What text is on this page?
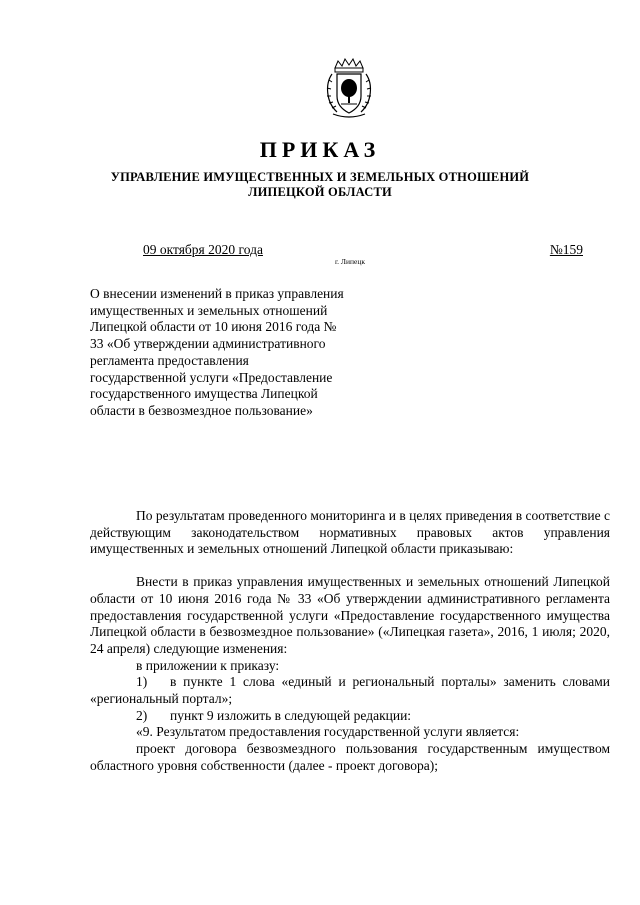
ПРИКАЗ
УПРАВЛЕНИЕ ИМУЩЕСТВЕННЫХ И ЗЕМЕЛЬНЫХ ОТНОШЕНИЙ
ЛИПЕЦКОЙ ОБЛАСТИ
09 октября 2020 года	№159
г. Липецк
О внесении изменений в приказ управления имущественных и земельных отношений Липецкой области от 10 июня 2016 года № 33 «Об утверждении административного регламента предоставления государственной услуги «Предоставление государственного имущества Липецкой области в безвозмездное пользование»

По результатам проведенного мониторинга и в целях приведения в соответствие с действующим законодательством нормативных правовых актов управления имущественных и земельных отношений Липецкой области приказываю:

Внести в приказ управления имущественных и земельных отношений Липецкой области от 10 июня 2016 года № 33 «Об утверждении административного регламента предоставления государственной услуги «Предоставление государственного имущества Липецкой области в безвозмездное пользование» («Липецкая газета», 2016, 1 июля; 2020, 24 апреля) следующие изменения:

в приложении к приказу:

1) в пункте 1 слова «единый и региональный порталы» заменить словами «региональный портал»;

2) пункт 9 изложить в следующей редакции:

«9. Результатом предоставления государственной услуги является:

проект договора безвозмездного пользования государственным имуществом областного уровня собственности (далее - проект договора);
